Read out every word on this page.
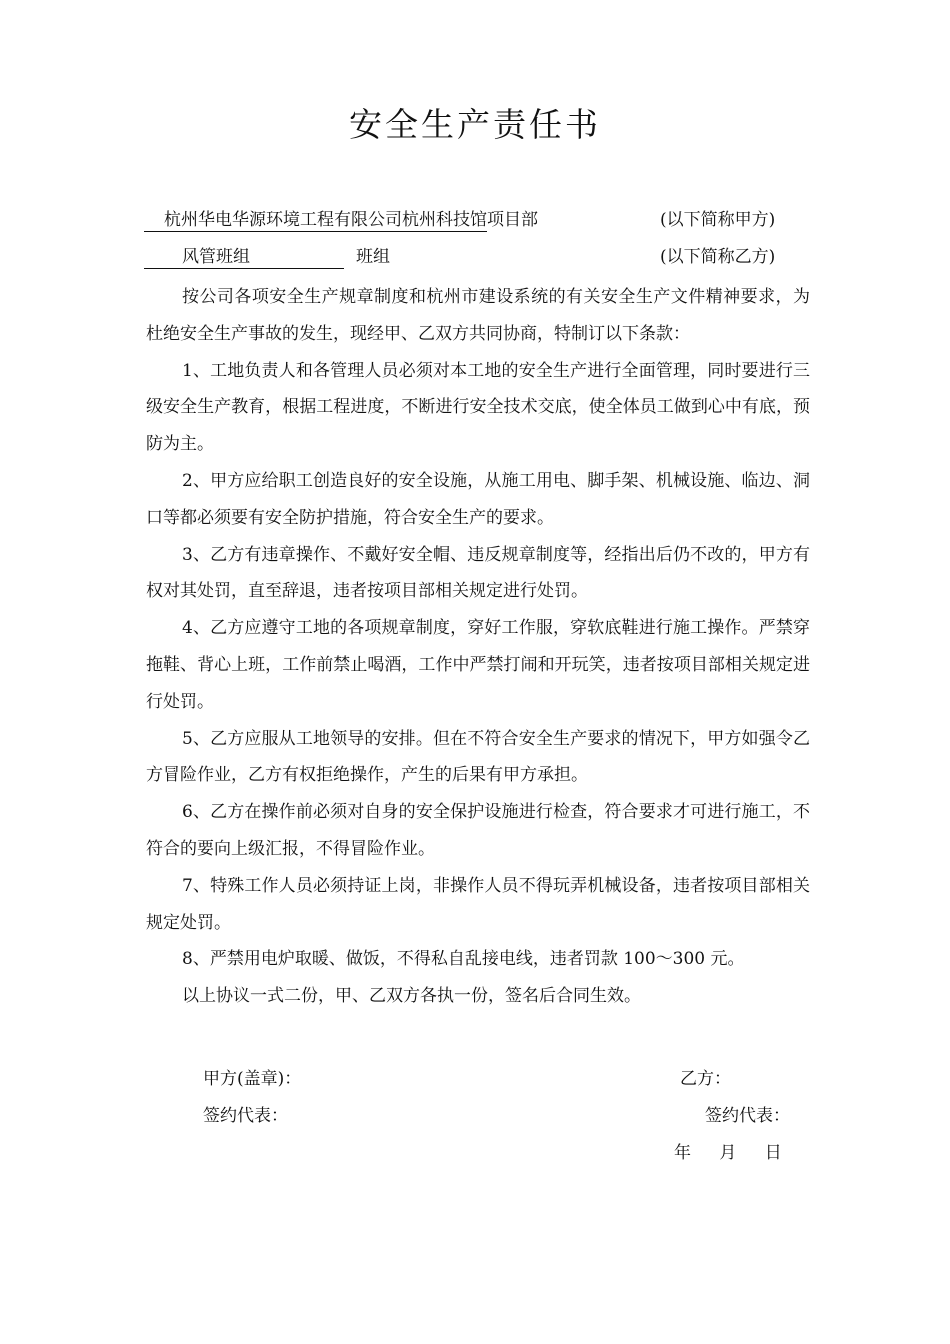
安全生产责任书
杭州华电华源环境工程有限公司杭州科技馆项目部	(以下简称甲方)
风管班组	班组	(以下简称乙方)

按公司各项安全生产规章制度和杭州市建设系统的有关安全生产文件精神要求，为杜绝安全生产事故的发生，现经甲、乙双方共同协商，特制订以下条款：

1、工地负责人和各管理人员必须对本工地的安全生产进行全面管理，同时要进行三级安全生产教育，根据工程进度，不断进行安全技术交底，使全体员工做到心中有底，预防为主。

2、甲方应给职工创造良好的安全设施，从施工用电、脚手架、机械设施、临边、洞口等都必须要有安全防护措施，符合安全生产的要求。

3、乙方有违章操作、不戴好安全帽、违反规章制度等，经指出后仍不改的，甲方有权对其处罚，直至辞退，违者按项目部相关规定进行处罚。

4、乙方应遵守工地的各项规章制度，穿好工作服，穿软底鞋进行施工操作。严禁穿拖鞋、背心上班，工作前禁止喝酒，工作中严禁打闹和开玩笑，违者按项目部相关规定进行处罚。

5、乙方应服从工地领导的安排。但在不符合安全生产要求的情况下，甲方如强令乙方冒险作业，乙方有权拒绝操作，产生的后果有甲方承担。

6、乙方在操作前必须对自身的安全保护设施进行检查，符合要求才可进行施工，不符合的要向上级汇报，不得冒险作业。

7、特殊工作人员必须持证上岗，非操作人员不得玩弄机械设备，违者按项目部相关规定处罚。

8、严禁用电炉取暖、做饭，不得私自乱接电线，违者罚款 100～300 元。

以上协议一式二份，甲、乙双方各执一份，签名后合同生效。

甲方(盖章)：
签约代表：
乙方：
签约代表：
年　 月　 日
